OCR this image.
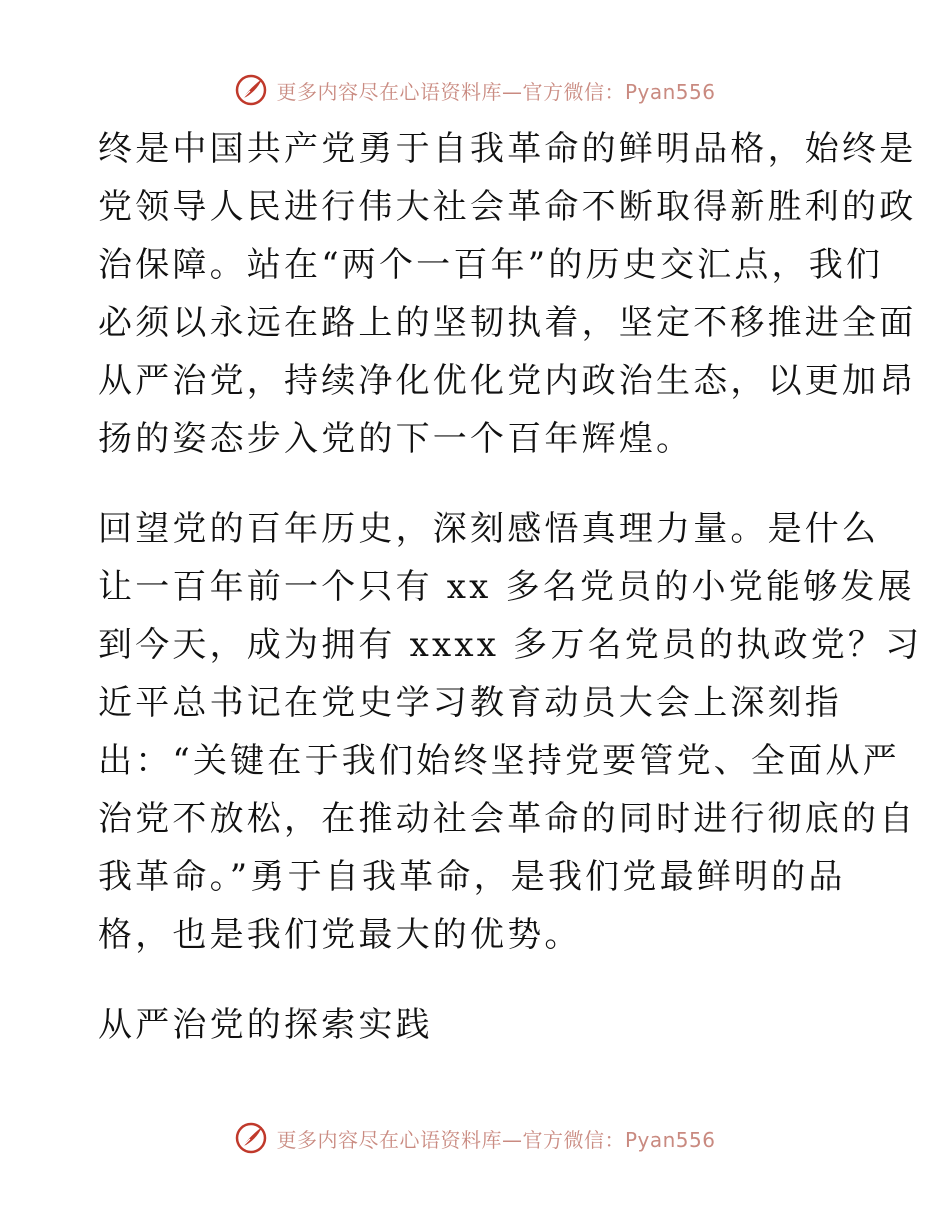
更多内容尽在心语资料库—官方微信：Pyan556
终是中国共产党勇于自我革命的鲜明品格，始终是
党领导人民进行伟大社会革命不断取得新胜利的政
治保障。站在“两个一百年”的历史交汇点，我们
必须以永远在路上的坚韧执着，坚定不移推进全面
从严治党，持续净化优化党内政治生态，以更加昂
扬的姿态步入党的下一个百年辉煌。
回望党的百年历史，深刻感悟真理力量。是什么
让一百年前一个只有 xx 多名党员的小党能够发展
到今天，成为拥有 xxxx 多万名党员的执政党？习
近平总书记在党史学习教育动员大会上深刻指
出：“关键在于我们始终坚持党要管党、全面从严
治党不放松，在推动社会革命的同时进行彻底的自
我革命。”勇于自我革命，是我们党最鲜明的品
格，也是我们党最大的优势。
从严治党的探索实践
更多内容尽在心语资料库—官方微信：Pyan556
